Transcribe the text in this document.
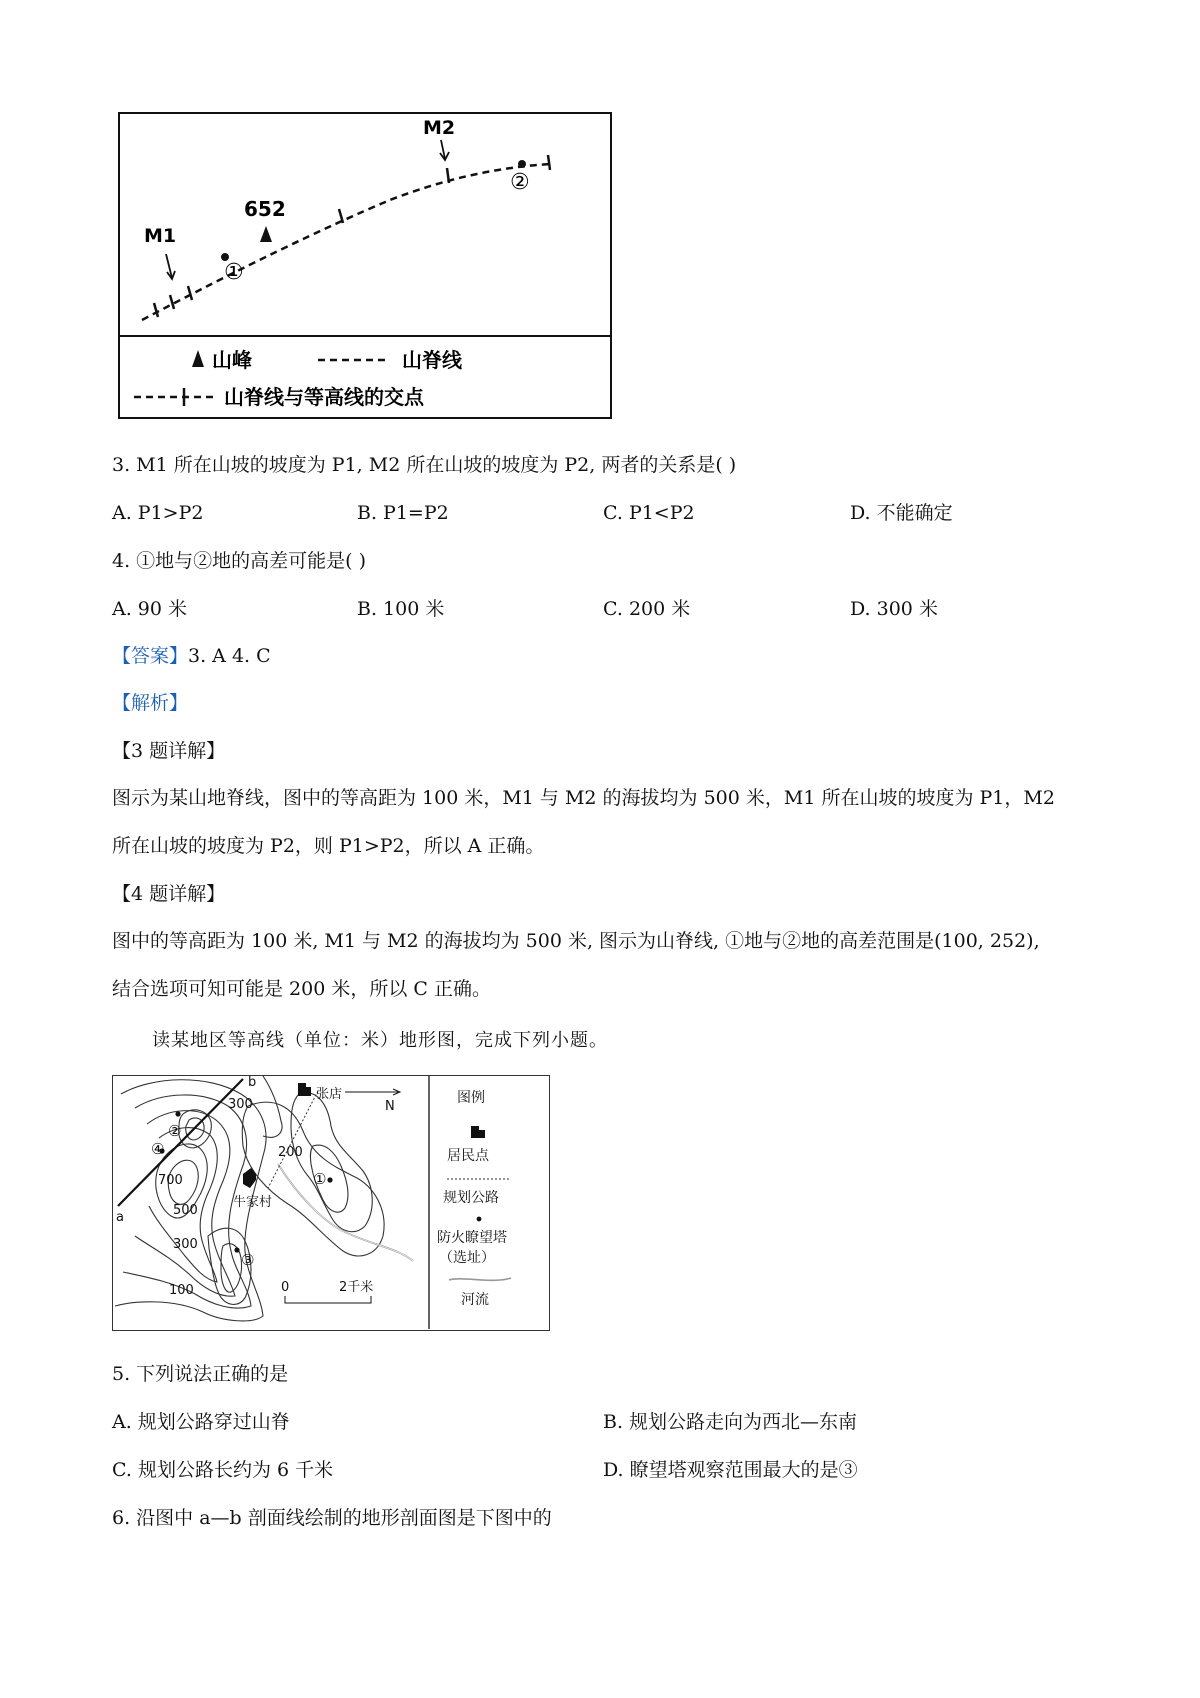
M1
M2
652
①
②
山峰	山脊线
山脊线与等高线的交点
3. M1 所在山坡的坡度为 P1, M2 所在山坡的坡度为 P2, 两者的关系是( )
A. P1>P2	B. P1=P2	C. P1<P2	D. 不能确定
4. ①地与②地的高差可能是( )
A. 90 米	B. 100 米	C. 200 米	D. 300 米
【答案】3. A 4. C
【解析】
【3 题详解】
图示为某山地脊线，图中的等高距为 100 米，M1 与 M2 的海拔均为 500 米，M1 所在山坡的坡度为 P1，M2
所在山坡的坡度为 P2，则 P1>P2，所以 A 正确。
【4 题详解】
图中的等高距为 100 米, M1 与 M2 的海拔均为 500 米, 图示为山脊线, ①地与②地的高差范围是(100, 252),
结合选项可知可能是 200 米，所以 C 正确。
读某地区等高线（单位：米）地形图，完成下列小题。
b
a
张店
N
牛家村
300
200
700
500
300
100
①
②
③
④
0	2千米
图例
居民点
规划公路
防火瞭望塔
（选址）
河流
5. 下列说法正确的是
A. 规划公路穿过山脊	B. 规划公路走向为西北—东南
C. 规划公路长约为 6 千米	D. 瞭望塔观察范围最大的是③
6. 沿图中 a—b 剖面线绘制的地形剖面图是下图中的
